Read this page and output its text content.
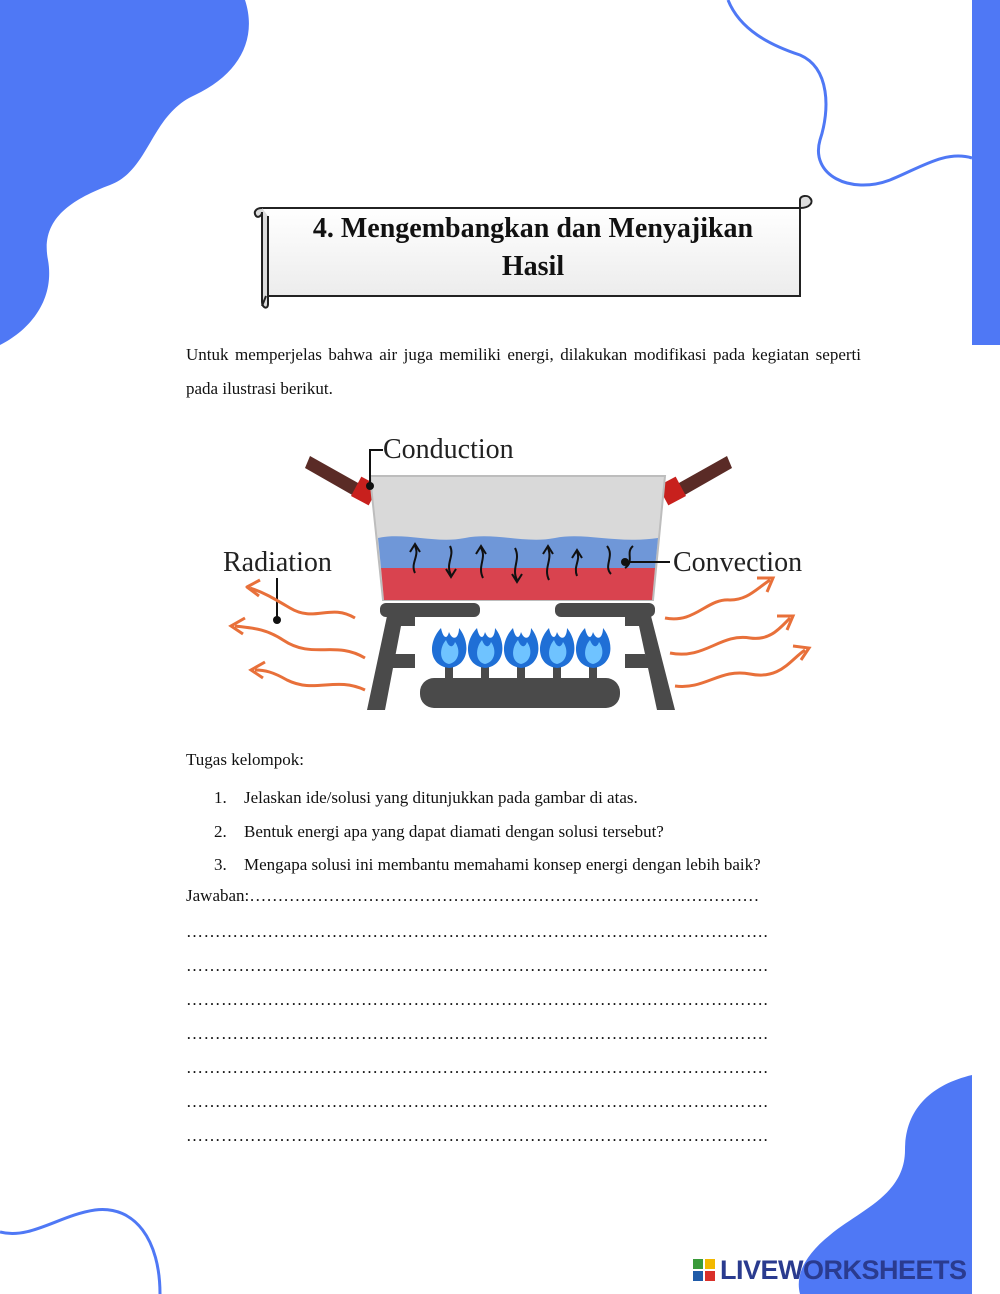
4. Mengembangkan dan Menyajikan
Hasil
Untuk memperjelas bahwa air juga memiliki energi, dilakukan modifikasi pada kegiatan seperti pada ilustrasi berikut.
Conduction
Radiation	Convection
Tugas kelompok:
1. Jelaskan ide/solusi yang ditunjukkan pada gambar di atas.
2. Bentuk energi apa yang dapat diamati dengan solusi tersebut?
3. Mengapa solusi ini membantu memahami konsep energi dengan lebih baik?
Jawaban:………………………………………………………………………………
……………………………………………………………………………………….
……………………………………………………………………………………….
……………………………………………………………………………………….
……………………………………………………………………………………….
……………………………………………………………………………………….
……………………………………………………………………………………….
……………………………………………………………………………………….
LIVEWORKSHEETS
